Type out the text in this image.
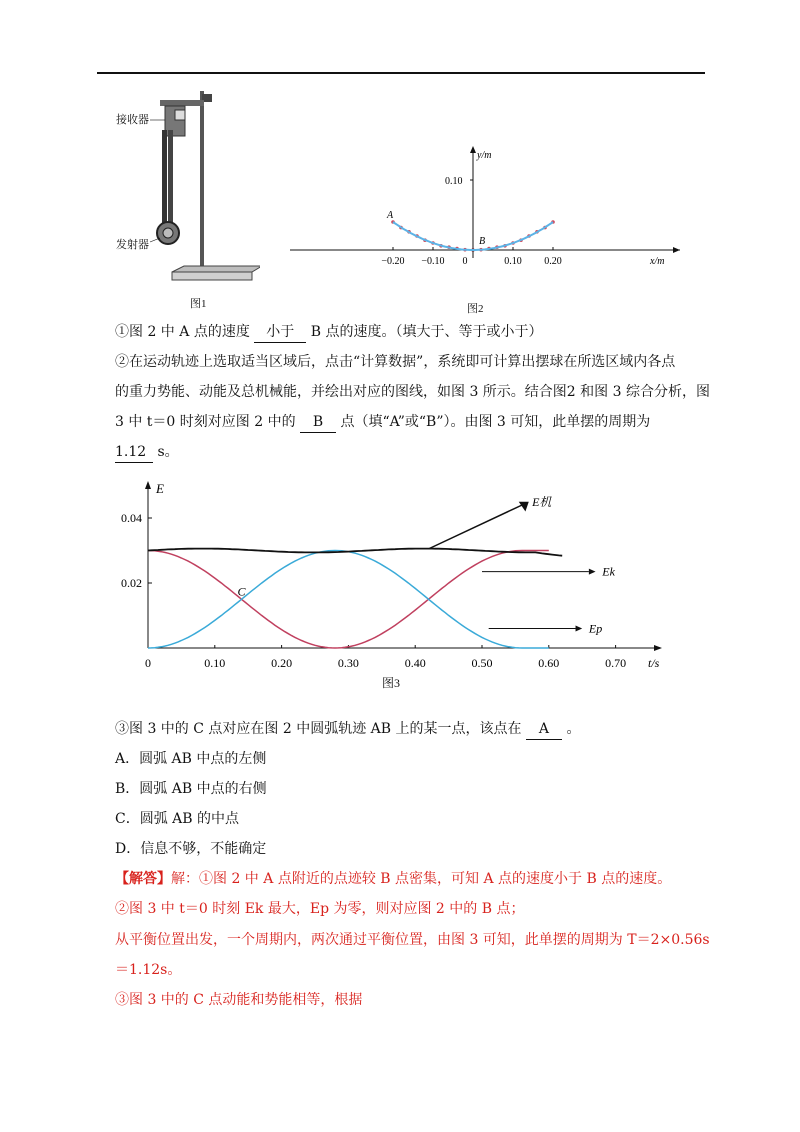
接收器
发射器
图1	图2
y/m
x/m
0.10
−0.20 −0.10 0	0.10 0.20
A
B
图3
E
t/s
0	0.10	0.20	0.30	0.40	0.50	0.60	0.70
0.02
0.04
C
E机
Ek
Ep
①图 2 中 A 点的速度 小于 B 点的速度。（填大于、等于或小于）
②在运动轨迹上选取适当区域后，点击“计算数据”，系统即可计算出摆球在所选区域内各点
的重力势能、动能及总机械能，并绘出对应的图线，如图 3 所示。结合图2 和图 3 综合分析，图
3 中 t＝0 时刻对应图 2 中的 B 点（填“A”或“B”）。由图 3 可知，此单摆的周期为
1.12 s。
③图 3 中的 C 点对应在图 2 中圆弧轨迹 AB 上的某一点，该点在 A 。
A．圆弧 AB 中点的左侧
B．圆弧 AB 中点的右侧
C．圆弧 AB 的中点
D．信息不够，不能确定
【解答】解：①图 2 中 A 点附近的点迹较 B 点密集，可知 A 点的速度小于 B 点的速度。
②图 3 中 t＝0 时刻 Ek 最大，Ep 为零，则对应图 2 中的 B 点；
从平衡位置出发，一个周期内，两次通过平衡位置，由图 3 可知，此单摆的周期为 T＝2×0.56s
＝1.12s。
③图 3 中的 C 点动能和势能相等，根据
